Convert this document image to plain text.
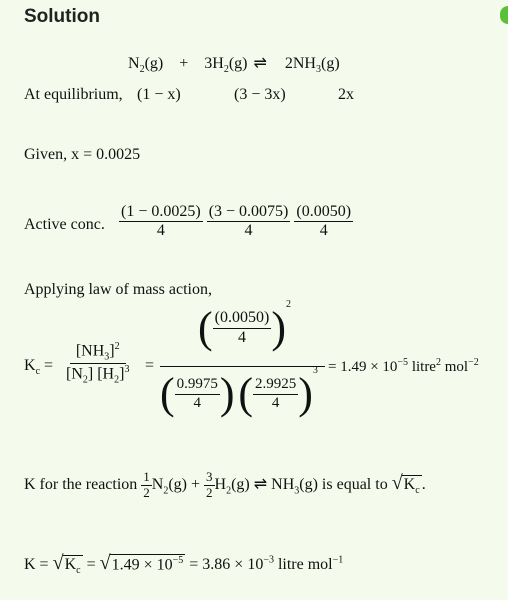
Solution
$N_2(g) + 3H_2(g)$ ⇌ $2NH_3(g)$
At equilibrium, (1 − x)	(3 − 3x)	2x
Given, x = 0.0025
Active conc. $\frac{(1 - 0.0025)}{4}$
$\frac{(3 - 0.0075)}{4}$
$\frac{(0.0050)}{4}$
Applying law of mass action,
$K_c = \frac{[NH_3]^2}{[N_2] [H_2]^3}$ =
( $\frac{(0.0050)}{4} )^2$
( $\frac{0.9975}{4}$ ) ( $\frac{2.9925}{4} )^3 = 1.49 \times 10^{-5}$ litre$^2$ mol$^{-2}$
K for the reaction $\frac{1}{2} N_2(g) + \frac{3}{2} H_2(g)$ ⇌ $NH_3(g)$ is equal to $√K_c$ .
$K = √K_c = √1.49 \times 10^{-5} = 3.86 \times 10^{-3}$ litre mol$^{-1}$
